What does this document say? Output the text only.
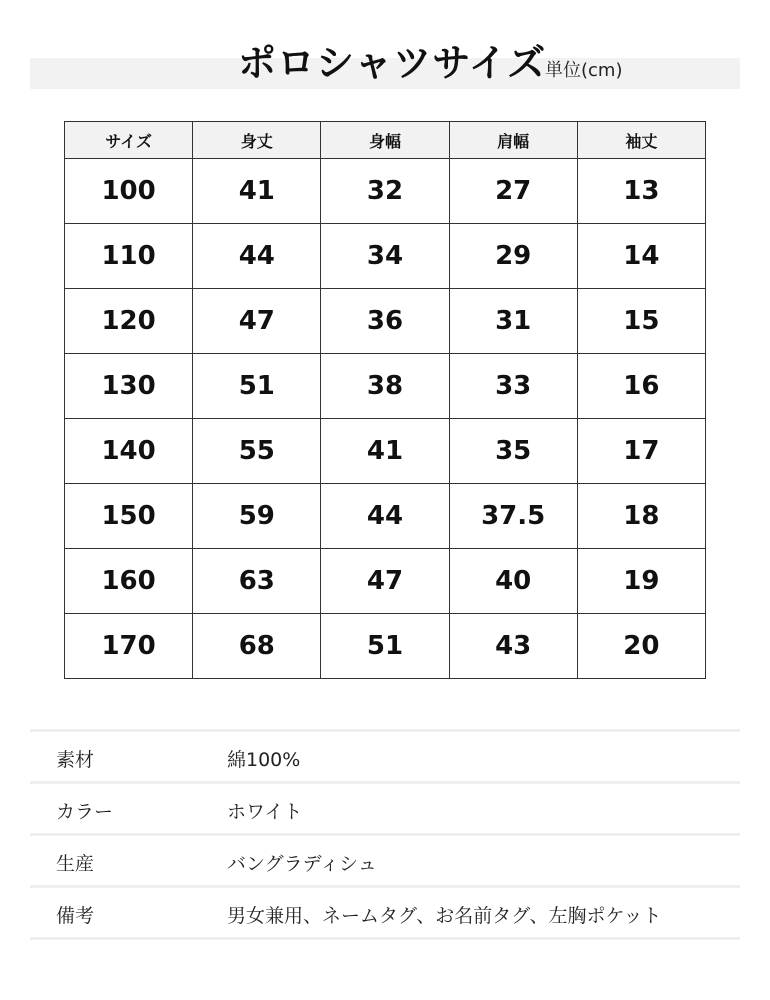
ポロシャツサイズ
単位(cm)
サイズ	身丈	身幅	肩幅	袖丈
100	41	32	27	13
110	44	34	29	14
120	47	36	31	15
130	51	38	33	16
140	55	41	35	17
150	59	44	37.5	18
160	63	47	40	19
170	68	51	43	20
素材	綿100%
カラー	ホワイト
生産	バングラディシュ
備考	男女兼用、ネームタグ、お名前タグ、左胸ポケット
